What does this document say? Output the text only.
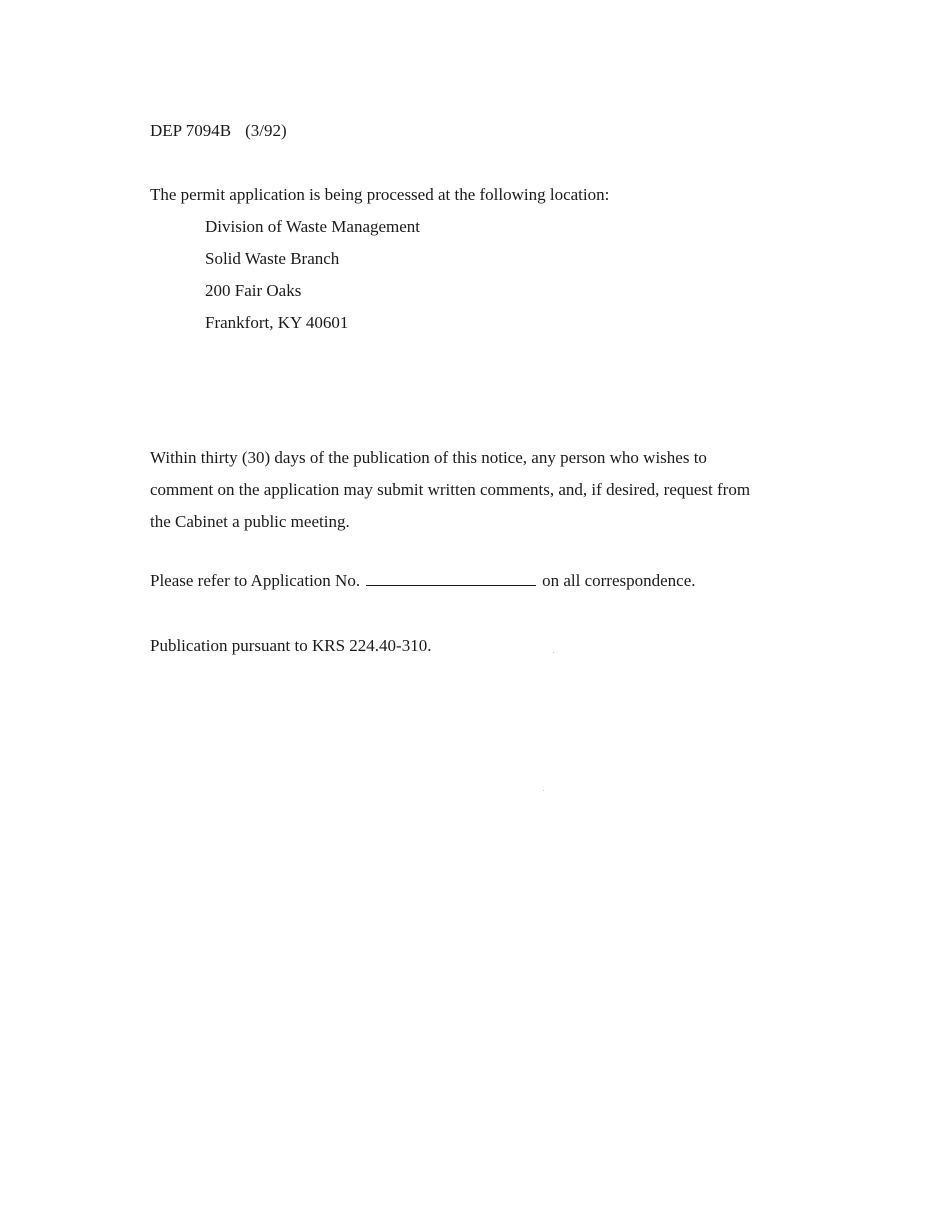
DEP 7094B (3/92)
The permit application is being processed at the following location:
Division of Waste Management
Solid Waste Branch
200 Fair Oaks
Frankfort, KY 40601
Within thirty (30) days of the publication of this notice, any person who wishes to
comment on the application may submit written comments, and, if desired, request from
the Cabinet a public meeting.
Please refer to Application No.	on all correspondence.
Publication pursuant to KRS 224.40-310.
